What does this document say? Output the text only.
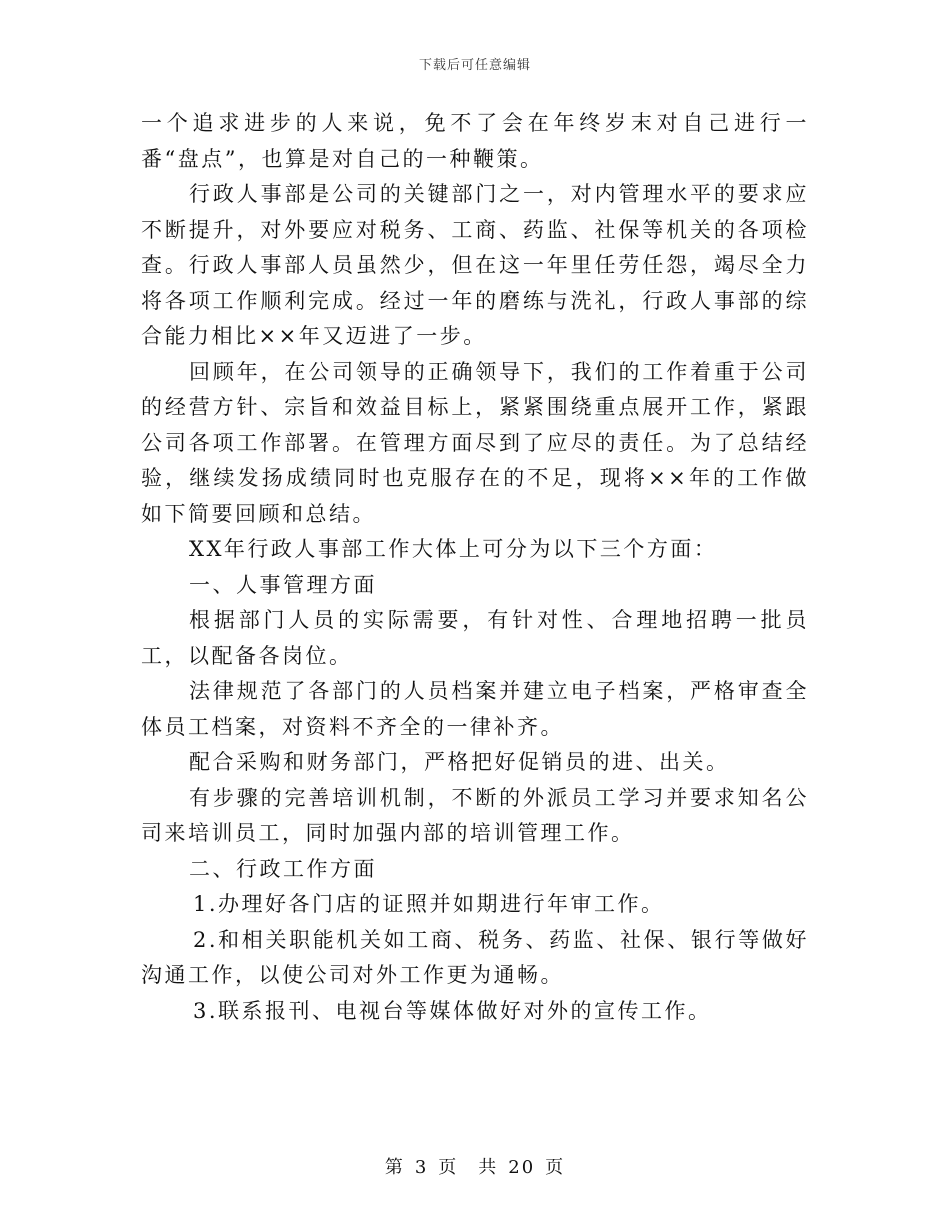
下载后可任意编辑

一个追求进步的人来说，免不了会在年终岁末对自己进行一番“盘点”，也算是对自己的一种鞭策。

行政人事部是公司的关键部门之一，对内管理水平的要求应不断提升，对外要应对税务、工商、药监、社保等机关的各项检查。行政人事部人员虽然少，但在这一年里任劳任怨，竭尽全力将各项工作顺利完成。经过一年的磨练与洗礼，行政人事部的综合能力相比××年又迈进了一步。

回顾年，在公司领导的正确领导下，我们的工作着重于公司的经营方针、宗旨和效益目标上，紧紧围绕重点展开工作，紧跟公司各项工作部署。在管理方面尽到了应尽的责任。为了总结经验，继续发扬成绩同时也克服存在的不足，现将××年的工作做如下简要回顾和总结。

XX年行政人事部工作大体上可分为以下三个方面：

一、人事管理方面

根据部门人员的实际需要，有针对性、合理地招聘一批员工，以配备各岗位。

法律规范了各部门的人员档案并建立电子档案，严格审查全体员工档案，对资料不齐全的一律补齐。

配合采购和财务部门，严格把好促销员的进、出关。

有步骤的完善培训机制，不断的外派员工学习并要求知名公司来培训员工，同时加强内部的培训管理工作。

二、行政工作方面

1.办理好各门店的证照并如期进行年审工作。

2.和相关职能机关如工商、税务、药监、社保、银行等做好沟通工作，以使公司对外工作更为通畅。

3.联系报刊、电视台等媒体做好对外的宣传工作。

第 3 页　共 20 页
